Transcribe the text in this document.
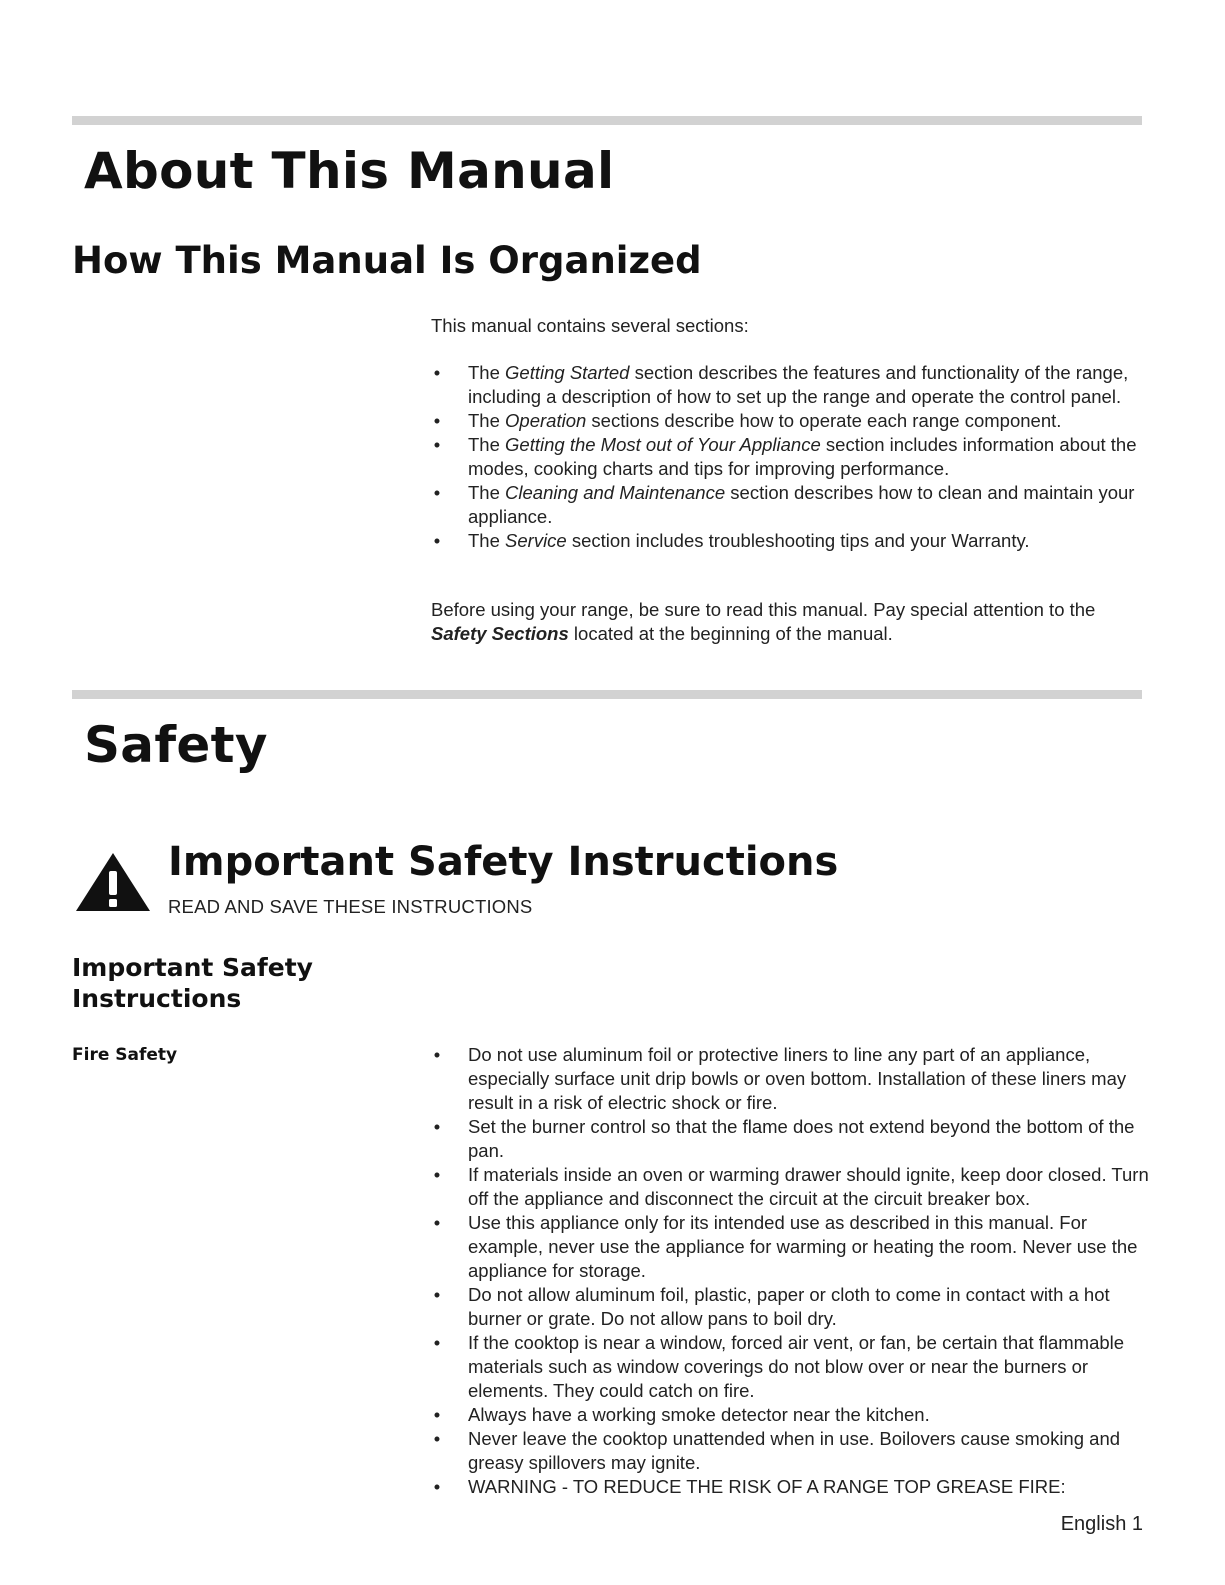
About This Manual
How This Manual Is Organized

This manual contains several sections:

• The Getting Started section describes the features and functionality of the range, including a description of how to set up the range and operate the control panel.
• The Operation sections describe how to operate each range component.
• The Getting the Most out of Your Appliance section includes information about the modes, cooking charts and tips for improving performance.
• The Cleaning and Maintenance section describes how to clean and maintain your appliance.
• The Service section includes troubleshooting tips and your Warranty.

Before using your range, be sure to read this manual. Pay special attention to the Safety Sections located at the beginning of the manual.

Safety
Important Safety Instructions

READ AND SAVE THESE INSTRUCTIONS

Important Safety Instructions

Fire Safety	• Do not use aluminum foil or protective liners to line any part of an appliance, especially surface unit drip bowls or oven bottom. Installation of these liners may result in a risk of electric shock or fire.
• Set the burner control so that the flame does not extend beyond the bottom of the pan.
• If materials inside an oven or warming drawer should ignite, keep door closed. Turn off the appliance and disconnect the circuit at the circuit breaker box.
• Use this appliance only for its intended use as described in this manual. For example, never use the appliance for warming or heating the room. Never use the appliance for storage.
• Do not allow aluminum foil, plastic, paper or cloth to come in contact with a hot burner or grate. Do not allow pans to boil dry.
• If the cooktop is near a window, forced air vent, or fan, be certain that flammable materials such as window coverings do not blow over or near the burners or elements. They could catch on fire.
• Always have a working smoke detector near the kitchen.
• Never leave the cooktop unattended when in use. Boilovers cause smoking and greasy spillovers may ignite.
• WARNING - TO REDUCE THE RISK OF A RANGE TOP GREASE FIRE:

English 1
